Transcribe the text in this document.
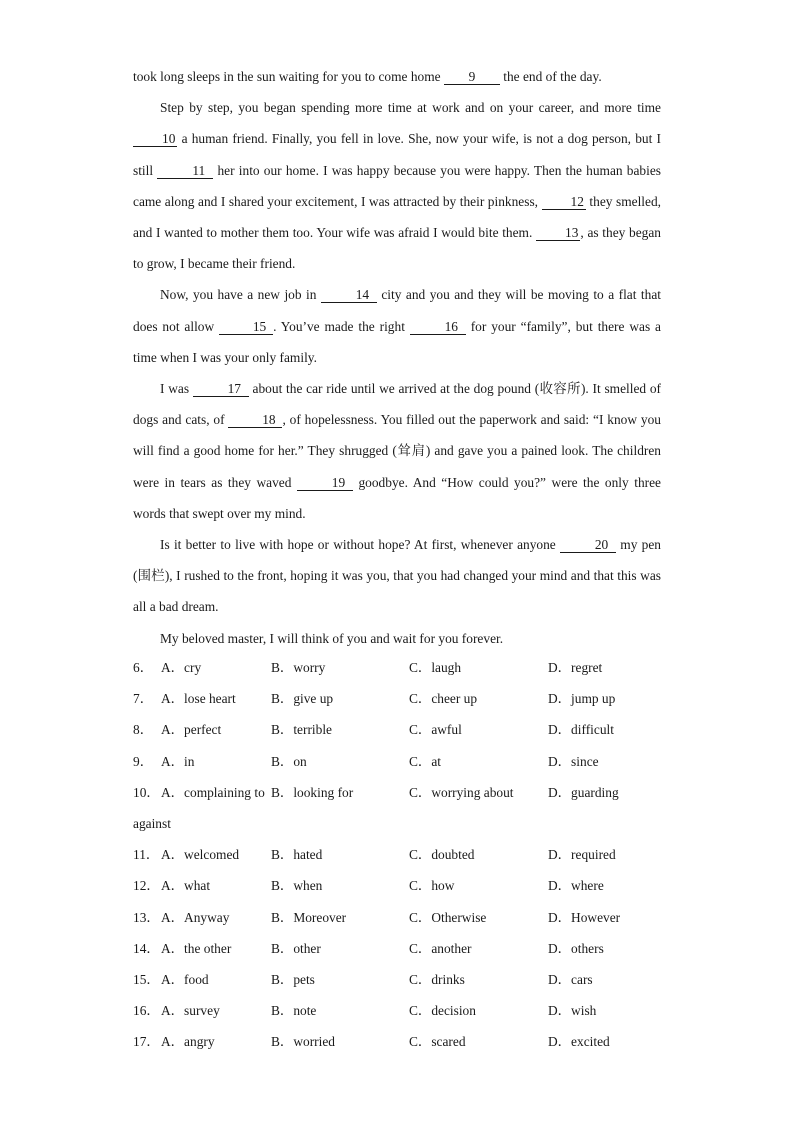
took long sleeps in the sun waiting for you to come home 9 the end of the day.

Step by step, you began spending more time at work and on your career, and more time 10 a human friend. Finally, you fell in love. She, now your wife, is not a dog person, but I still	11 her into our home. I was happy because you were happy. Then the human babies came along and I shared your excitement, I was attracted by their pinkness, 12 they smelled, and I wanted to mother them too. Your wife was afraid I would bite them. 13 , as they began to grow, I became their friend.

Now, you have a new job in	14 city and you and they will be moving to a flat that does not allow	15 . You’ve made the right	16 for your “family”, but there was a time when I was your only family.

I was	17 about the car ride until we arrived at the dog pound (收容所). It smelled of dogs and cats, of	18 , of hopelessness. You filled out the paperwork and said: “I know you will find a good home for her.” They shrugged (耸肩) and gave you a pained look. The children were in tears as they waved	19 goodbye. And “How could you?” were the only three words that swept over my mind.

Is it better to live with hope or without hope? At first, whenever anyone	20 my pen (围栏), I rushed to the front, hoping it was you, that you had changed your mind and that this was all a bad dream.

My beloved master, I will think of you and wait for you forever.

6． A．cry	B．worry	C．laugh	D．regret
7． A．lose heart	B．give up	C．cheer up	D．jump up
8． A．perfect	B．terrible	C．awful	D．difficult
9． A．in	B．on	C．at	D．since
10． A．complaining to B．looking for	C．worrying about	D．guarding
against
11． A．welcomed B．hated	C．doubted	D．required
12． A．what	B．when	C．how	D．where
13． A．Anyway	B．Moreover	C．Otherwise	D．However
14． A．the other	B．other	C．another	D．others
15． A．food	B．pets	C．drinks	D．cars
16． A．survey	B．note	C．decision	D．wish
17． A．angry	B．worried	C．scared	D．excited
